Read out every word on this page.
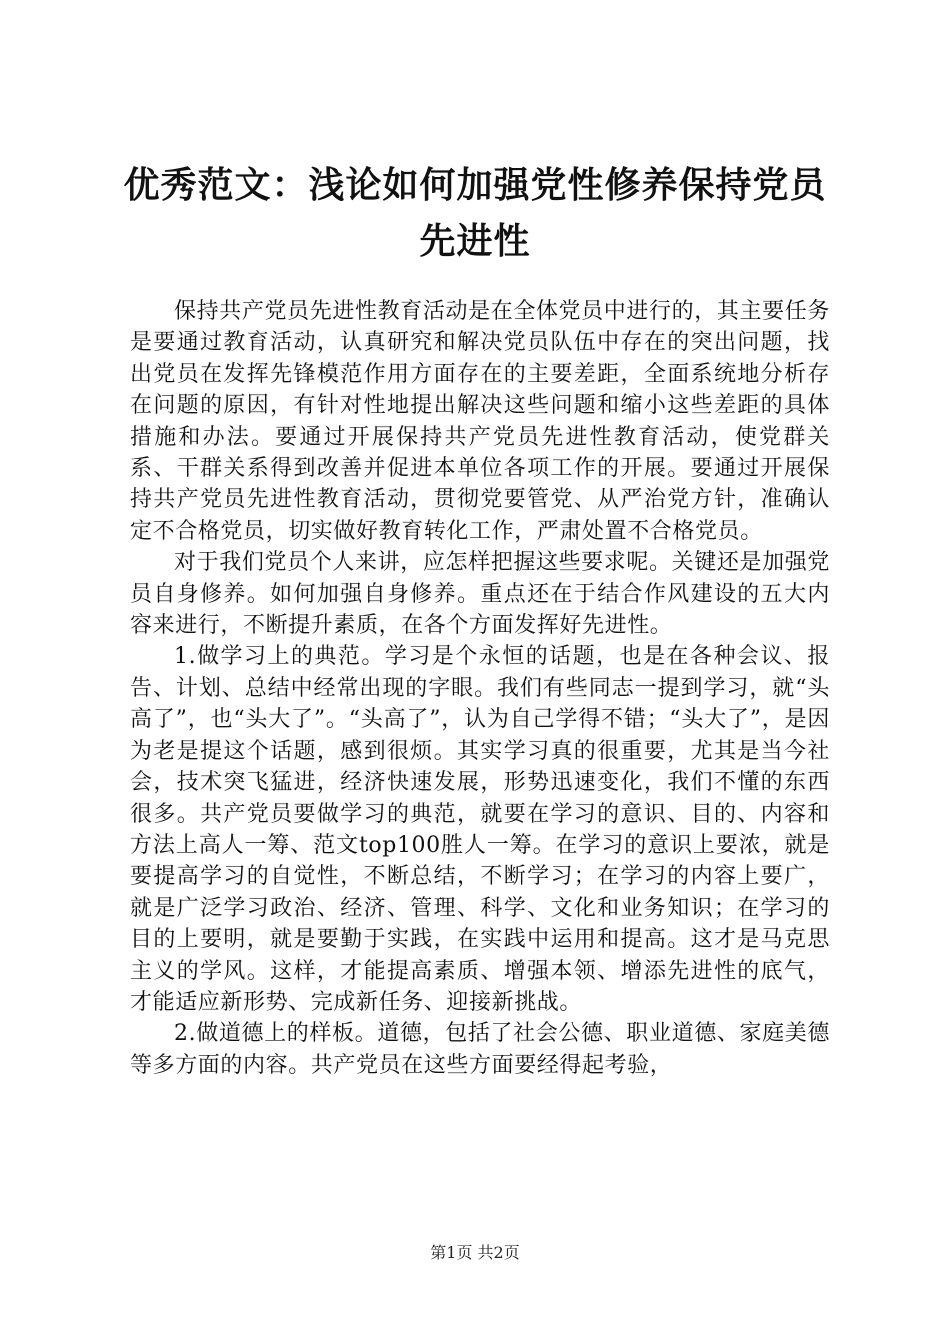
优秀范文：浅论如何加强党性修养保持党员先进性

保持共产党员先进性教育活动是在全体党员中进行的，其主要任务是要通过教育活动，认真研究和解决党员队伍中存在的突出问题，找出党员在发挥先锋模范作用方面存在的主要差距，全面系统地分析存在问题的原因，有针对性地提出解决这些问题和缩小这些差距的具体措施和办法。要通过开展保持共产党员先进性教育活动，使党群关系、干群关系得到改善并促进本单位各项工作的开展。要通过开展保持共产党员先进性教育活动，贯彻党要管党、从严治党方针，准确认定不合格党员，切实做好教育转化工作，严肃处置不合格党员。

对于我们党员个人来讲，应怎样把握这些要求呢。关键还是加强党员自身修养。如何加强自身修养。重点还在于结合作风建设的五大内容来进行，不断提升素质，在各个方面发挥好先进性。

1.做学习上的典范。学习是个永恒的话题，也是在各种会议、报告、计划、总结中经常出现的字眼。我们有些同志一提到学习，就“头高了”，也“头大了”。“头高了”，认为自己学得不错；“头大了”，是因为老是提这个话题，感到很烦。其实学习真的很重要，尤其是当今社会，技术突飞猛进，经济快速发展，形势迅速变化，我们不懂的东西很多。共产党员要做学习的典范，就要在学习的意识、目的、内容和方法上高人一筹、范文top100胜人一筹。在学习的意识上要浓，就是要提高学习的自觉性，不断总结，不断学习；在学习的内容上要广，就是广泛学习政治、经济、管理、科学、文化和业务知识；在学习的目的上要明，就是要勤于实践，在实践中运用和提高。这才是马克思主义的学风。这样，才能提高素质、增强本领、增添先进性的底气，才能适应新形势、完成新任务、迎接新挑战。

2.做道德上的样板。道德，包括了社会公德、职业道德、家庭美德等多方面的内容。共产党员在这些方面要经得起考验，

第1页 共2页
